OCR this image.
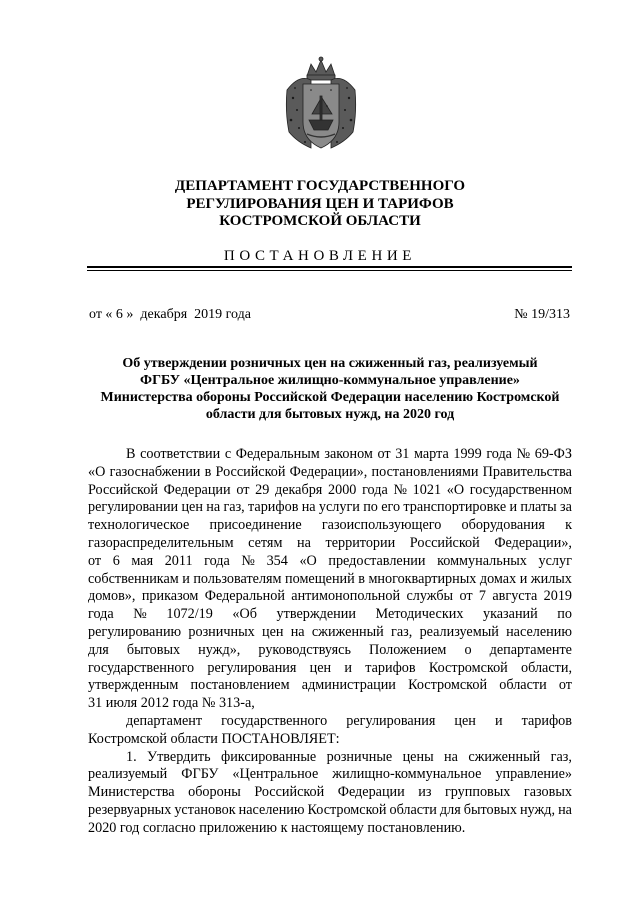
ДЕПАРТАМЕНТ ГОСУДАРСТВЕННОГО
РЕГУЛИРОВАНИЯ ЦЕН И ТАРИФОВ
КОСТРОМСКОЙ ОБЛАСТИ
ПОСТАНОВЛЕНИЕ
от « 6 »  декабря  2019 года	№ 19/313
Об утверждении розничных цен на сжиженный газ, реализуемый
ФГБУ «Центральное жилищно-коммунальное управление»
Министерства обороны Российской Федерации населению Костромской
области для бытовых нужд, на 2020 год
В соответствии с Федеральным законом от 31 марта 1999 года № 69-ФЗ
«О газоснабжении в Российской Федерации», постановлениями Правительства
Российской Федерации от 29 декабря 2000 года № 1021 «О государственном
регулировании цен на газ, тарифов на услуги по его транспортировке и платы за
технологическое присоединение газоиспользующего оборудования к
газораспределительным сетям на территории Российской Федерации»,
от 6 мая 2011 года № 354 «О предоставлении коммунальных услуг
собственникам и пользователям помещений в многоквартирных домах и жилых
домов», приказом Федеральной антимонопольной службы от 7 августа 2019
года № 1072/19 «Об утверждении Методических указаний по
регулированию розничных цен на сжиженный газ, реализуемый населению
для бытовых нужд», руководствуясь Положением о департаменте
государственного регулирования цен и тарифов Костромской области,
утвержденным постановлением администрации Костромской области от
31 июля 2012 года № 313-а,
департамент государственного регулирования цен и тарифов
Костромской области ПОСТАНОВЛЯЕТ:
1. Утвердить фиксированные розничные цены на сжиженный газ,
реализуемый ФГБУ «Центральное жилищно-коммунальное управление»
Министерства обороны Российской Федерации из групповых газовых
резервуарных установок населению Костромской области для бытовых нужд, на
2020 год согласно приложению к настоящему постановлению.
